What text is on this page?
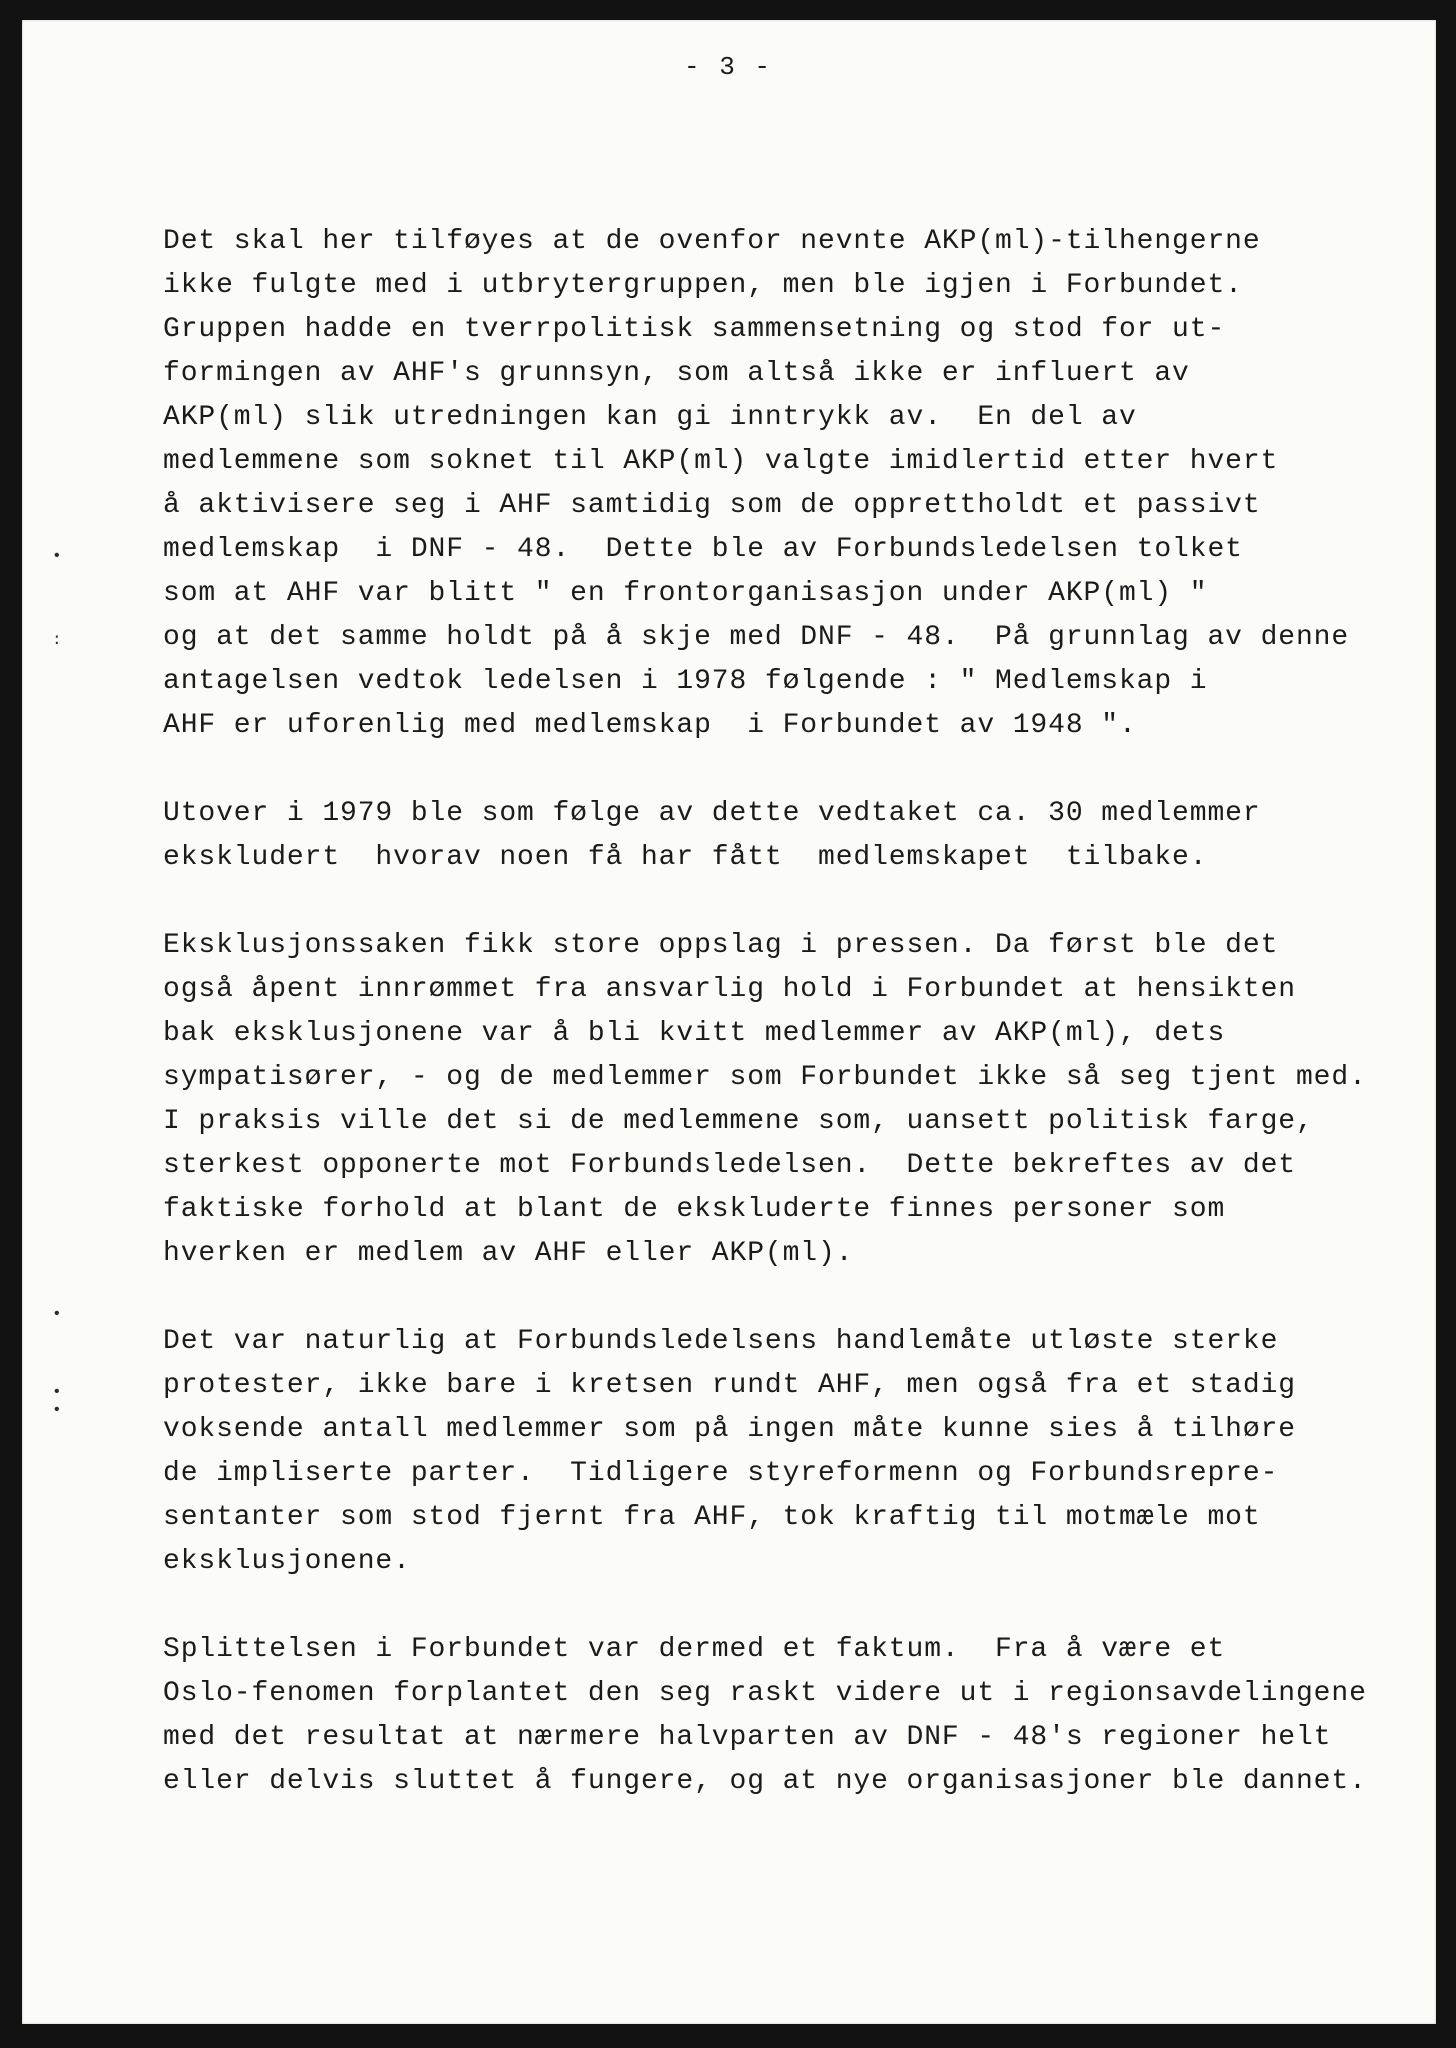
- 3 -
Det skal her tilføyes at de ovenfor nevnte AKP(ml)-tilhengerne
ikke fulgte med i utbrytergruppen, men ble igjen i Forbundet.
Gruppen hadde en tverrpolitisk sammensetning og stod for ut-
formingen av AHF's grunnsyn, som altså ikke er influert av
AKP(ml) slik utredningen kan gi inntrykk av.  En del av
medlemmene som soknet til AKP(ml) valgte imidlertid etter hvert
å aktivisere seg i AHF samtidig som de opprettholdt et passivt
medlemskap  i DNF - 48.  Dette ble av Forbundsledelsen tolket
som at AHF var blitt " en frontorganisasjon under AKP(ml) "
og at det samme holdt på å skje med DNF - 48.  På grunnlag av denne
antagelsen vedtok ledelsen i 1978 følgende : " Medlemskap i
AHF er uforenlig med medlemskap  i Forbundet av 1948 ".
Utover i 1979 ble som følge av dette vedtaket ca. 30 medlemmer
ekskludert  hvorav noen få har fått  medlemskapet  tilbake.
Eksklusjonssaken fikk store oppslag i pressen. Da først ble det
også åpent innrømmet fra ansvarlig hold i Forbundet at hensikten
bak eksklusjonene var å bli kvitt medlemmer av AKP(ml), dets
sympatisører, - og de medlemmer som Forbundet ikke så seg tjent med.
I praksis ville det si de medlemmene som, uansett politisk farge,
sterkest opponerte mot Forbundsledelsen.  Dette bekreftes av det
faktiske forhold at blant de ekskluderte finnes personer som
hverken er medlem av AHF eller AKP(ml).
Det var naturlig at Forbundsledelsens handlemåte utløste sterke
protester, ikke bare i kretsen rundt AHF, men også fra et stadig
voksende antall medlemmer som på ingen måte kunne sies å tilhøre
de impliserte parter.  Tidligere styreformenn og Forbundsrepre-
sentanter som stod fjernt fra AHF, tok kraftig til motmæle mot
eksklusjonene.
Splittelsen i Forbundet var dermed et faktum.  Fra å være et
Oslo-fenomen forplantet den seg raskt videre ut i regionsavdelingene
med det resultat at nærmere halvparten av DNF - 48's regioner helt
eller delvis sluttet å fungere, og at nye organisasjoner ble dannet.
•
:
•
•
•
